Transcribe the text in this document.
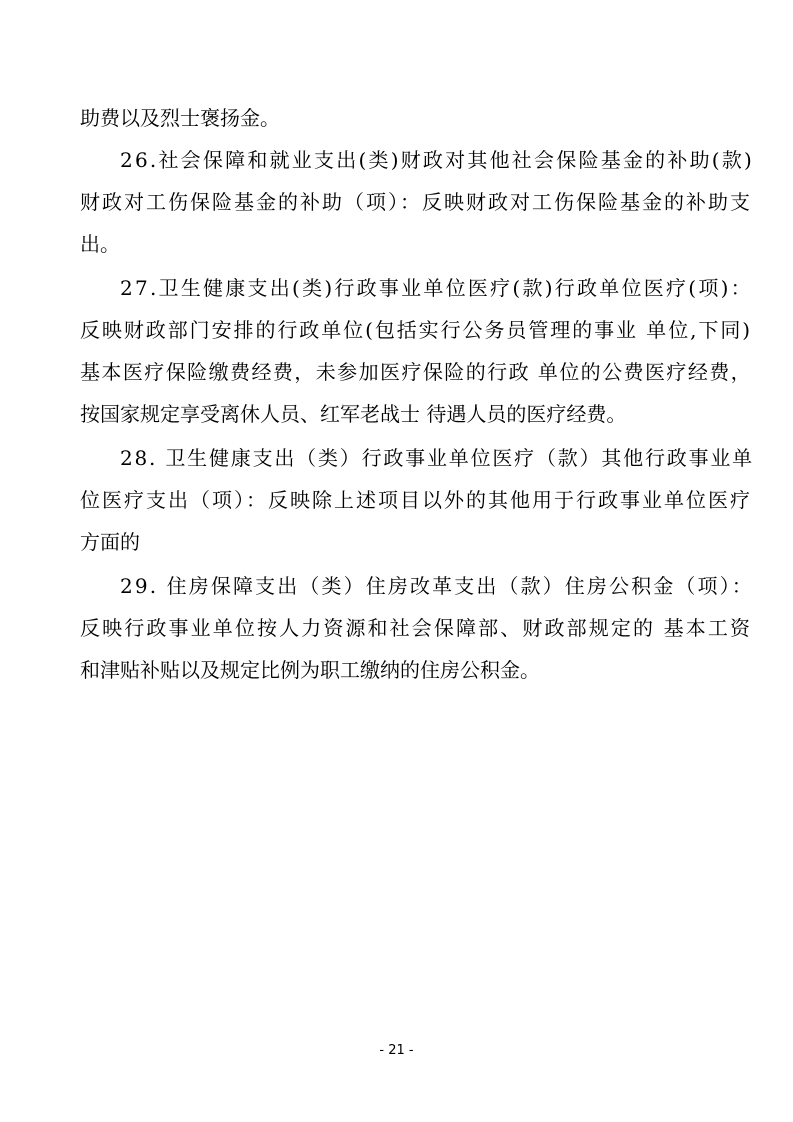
助费以及烈士褒扬金。
26.社会保障和就业支出(类)财政对其他社会保险基金的补助(款)
财政对工伤保险基金的补助（项）：反映财政对工伤保险基金的补助支
出。
27.卫生健康支出(类)行政事业单位医疗(款)行政单位医疗(项)：
反映财政部门安排的行政单位(包括实行公务员管理的事业 单位,下同)
基本医疗保险缴费经费，未参加医疗保险的行政 单位的公费医疗经费，
按国家规定享受离休人员、红军老战士 待遇人员的医疗经费。
28. 卫生健康支出（类）行政事业单位医疗（款）其他行政事业单
位医疗支出（项）：反映除上述项目以外的其他用于行政事业单位医疗
方面的
29. 住房保障支出（类）住房改革支出（款）住房公积金（项）：
反映行政事业单位按人力资源和社会保障部、财政部规定的 基本工资
和津贴补贴以及规定比例为职工缴纳的住房公积金。
- 21 -
